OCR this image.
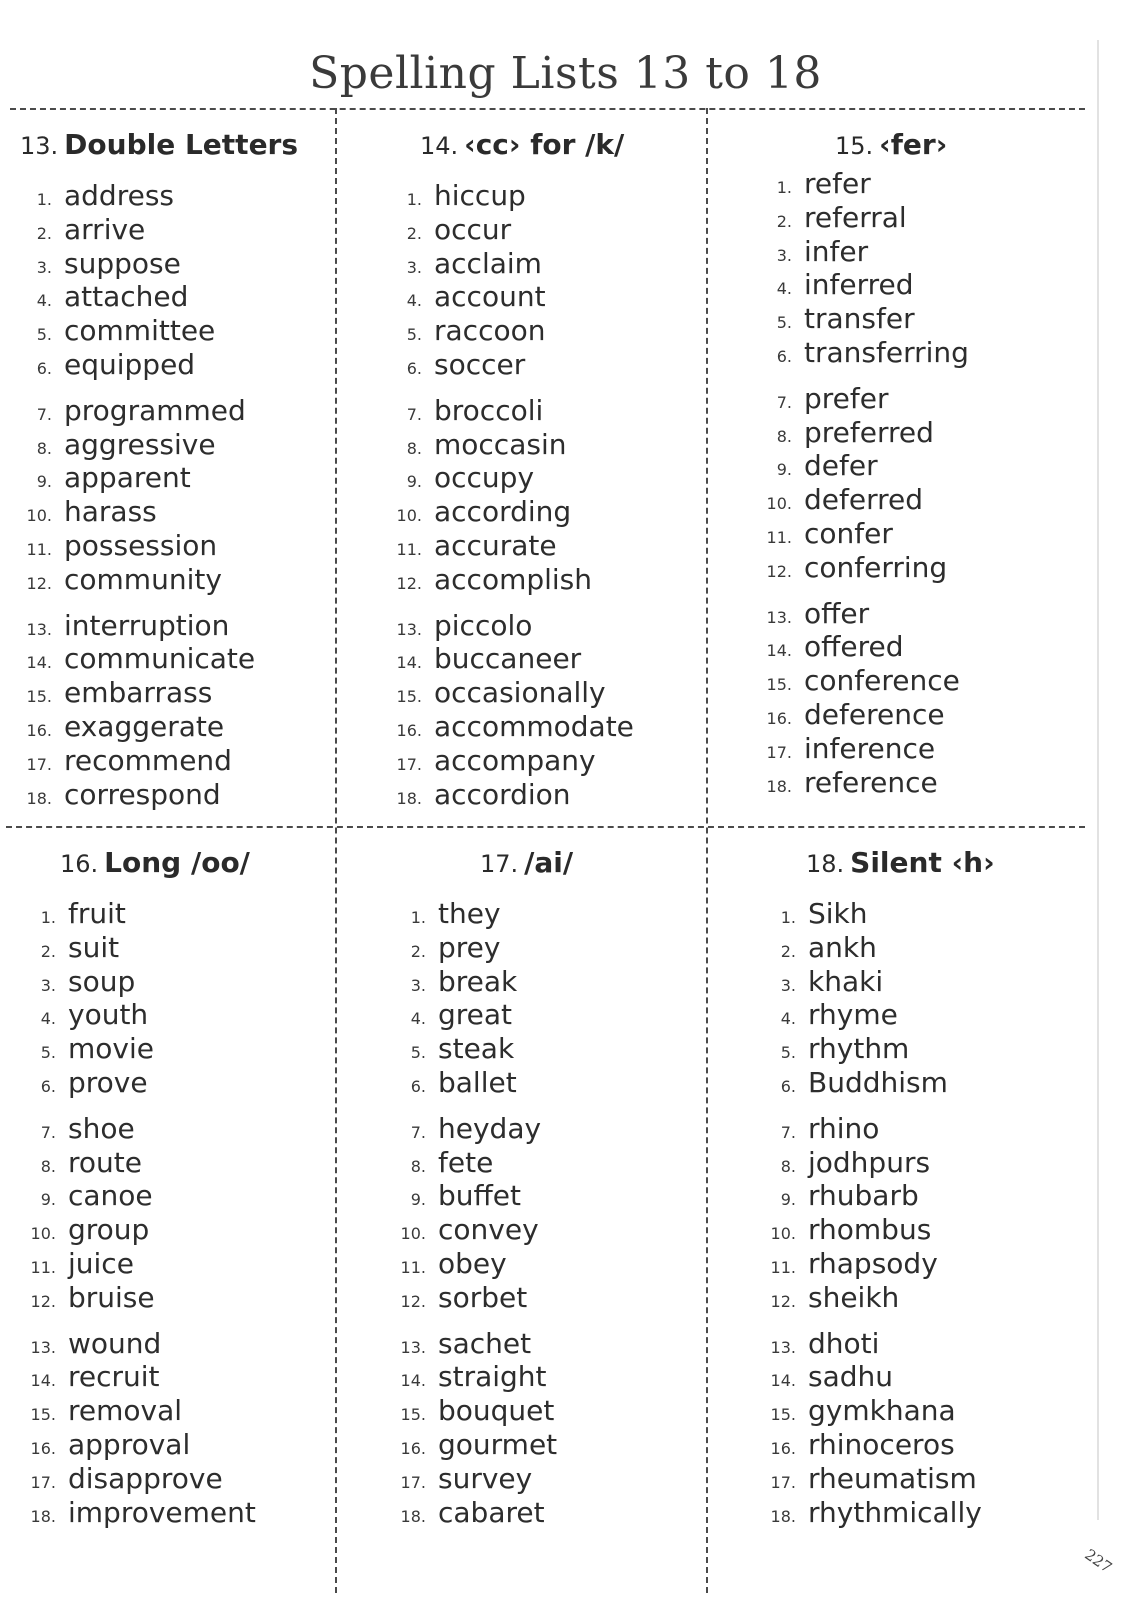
Spelling Lists 13 to 18
13. Double Letters
1. address
2. arrive
3. suppose
4. attached
5. committee
6. equipped
7. programmed
8. aggressive
9. apparent
10. harass
11. possession
12. community
13. interruption
14. communicate
15. embarrass
16. exaggerate
17. recommend
18. correspond
14. ‹cc› for /k/
1. hiccup
2. occur
3. acclaim
4. account
5. raccoon
6. soccer
7. broccoli
8. moccasin
9. occupy
10. according
11. accurate
12. accomplish
13. piccolo
14. buccaneer
15. occasionally
16. accommodate
17. accompany
18. accordion
15. ‹fer›
1. refer
2. referral
3. infer
4. inferred
5. transfer
6. transferring
7. prefer
8. preferred
9. defer
10. deferred
11. confer
12. conferring
13. offer
14. offered
15. conference
16. deference
17. inference
18. reference
16. Long /oo/
1. fruit
2. suit
3. soup
4. youth
5. movie
6. prove
7. shoe
8. route
9. canoe
10. group
11. juice
12. bruise
13. wound
14. recruit
15. removal
16. approval
17. disapprove
18. improvement
17. /ai/
1. they
2. prey
3. break
4. great
5. steak
6. ballet
7. heyday
8. fete
9. buffet
10. convey
11. obey
12. sorbet
13. sachet
14. straight
15. bouquet
16. gourmet
17. survey
18. cabaret
18. Silent ‹h›
1. Sikh
2. ankh
3. khaki
4. rhyme
5. rhythm
6. Buddhism
7. rhino
8. jodhpurs
9. rhubarb
10. rhombus
11. rhapsody
12. sheikh
13. dhoti
14. sadhu
15. gymkhana
16. rhinoceros
17. rheumatism
18. rhythmically
227
